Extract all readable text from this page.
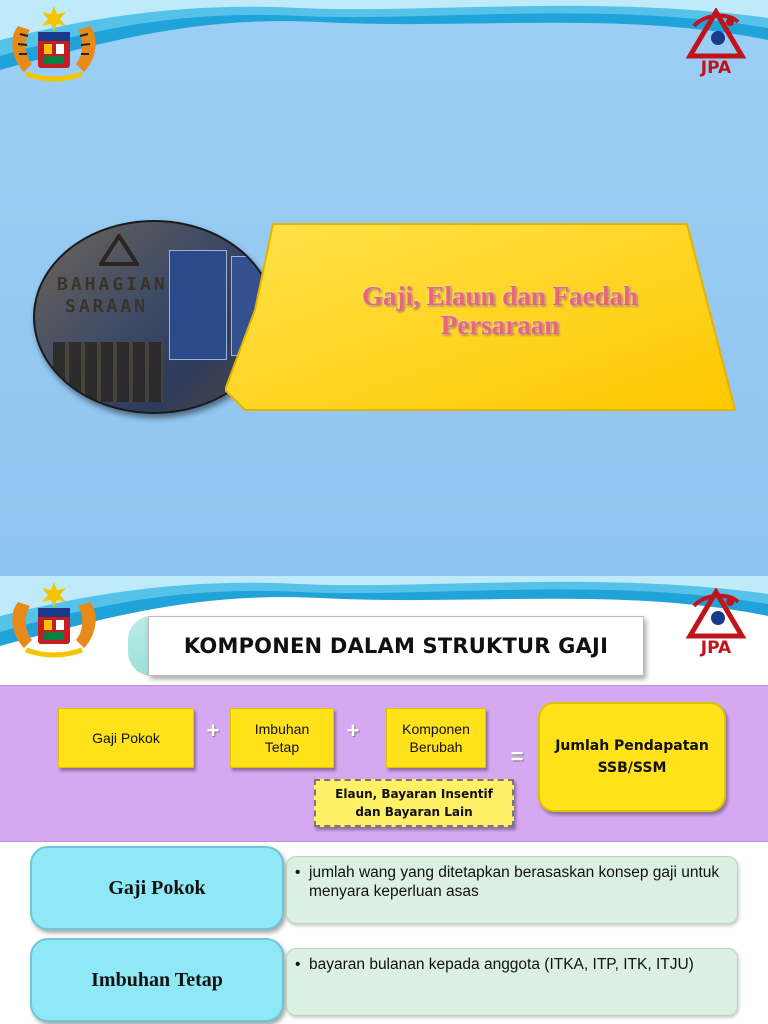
JPA
BAHAGIAN
SARAAN	Gaji, Elaun dan Faedah
Persaraan
JPA
KOMPONEN DALAM STRUKTUR GAJI
Gaji Pokok +	Imbuhan
Tetap
+	Komponen
Berubah =	Jumlah Pendapatan
SSB/SSM
Elaun, Bayaran Insentif
dan Bayaran Lain
Gaji Pokok
• jumlah wang yang ditetapkan berasaskan konsep gaji untuk menyara keperluan asas
Imbuhan Tetap
• bayaran bulanan kepada anggota (ITKA, ITP, ITK, ITJU)
